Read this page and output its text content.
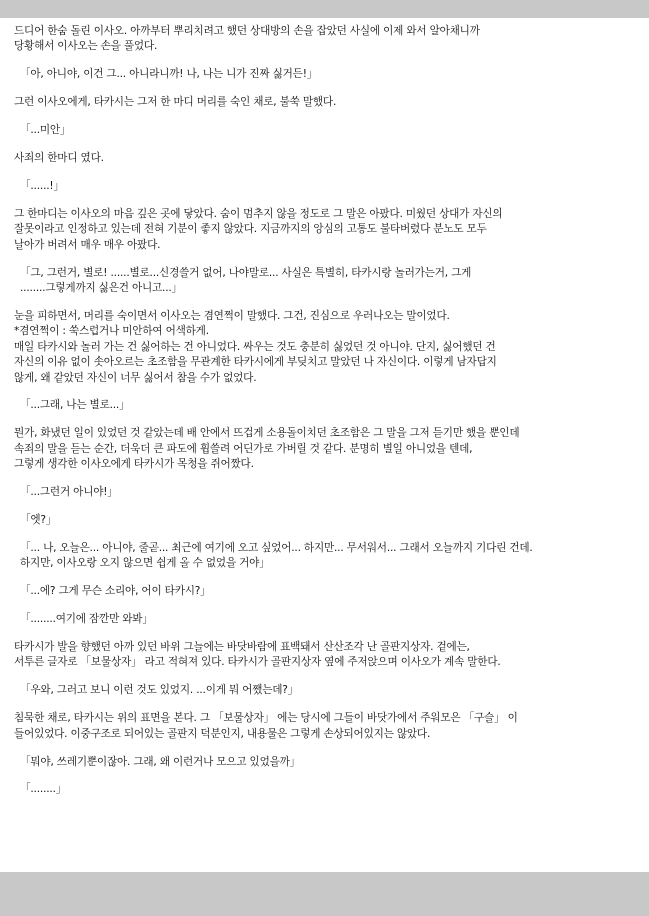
드디어 한숨 돌린 이사오. 아까부터 뿌리치려고 했던 상대방의 손을 잡았던 사실에 이제 와서 알아채니까
당황해서 이사오는 손을 풀었다.

「아, 아니야, 이건 그... 아니라니까! 나, 나는 니가 진짜 싫거든!」

그런 이사오에게, 타카시는 그저 한 마디 머리를 숙인 채로, 불쑥 말했다.

「...미안」

사죄의 한마디 였다.

「......!」

그 한마디는 이사오의 마음 깊은 곳에 닿았다. 숨이 멈추지 않을 정도로 그 말은 아팠다. 미웠던 상대가 자신의
잘못이라고 인정하고 있는데 전혀 기분이 좋지 않았다. 지금까지의 앙심의 고통도 불타버렸다 분노도 모두
날아가 버려서 매우 매우 아팠다.

「그, 그런거, 별로! ......별로...신경쓸거 없어, 나야말로... 사실은 특별히, 타카시랑 놀러가는거, 그게
........그렇게까지 싫은건 아니고...」

눈을 피하면서, 머리를 숙이면서 이사오는 겸연쩍이 말했다. 그건, 진심으로 우러나오는 말이었다.
*겸연쩍이 : 쑥스럽거나 미안하여 어색하게.
매일 타카시와 놀러 가는 건 싫어하는 건 아니었다. 싸우는 것도 충분히 싫었던 것 아니야. 단지, 싫어했던 건
자신의 이유 없이 솟아오르는 초조함을 무관계한 타카시에게 부딪치고 말았던 나 자신이다. 이렇게 남자답지
않게, 왜 같았던 자신이 너무 싫어서 참을 수가 없었다.

「...그래, 나는 별로...」

뭔가, 화냈던 일이 있었던 것 같았는데 배 안에서 뜨겁게 소용돌이치던 초조함은 그 말을 그저 듣기만 했을 뿐인데
속죄의 말을 듣는 순간, 더욱더 큰 파도에 휩쓸려 어딘가로 가버릴 것 같다. 분명히 별일 아니었을 텐데,
그렇게 생각한 이사오에게 타카시가 목청을 쥐어짰다.

「...그런거 아니야!」

「엣?」

「... 나, 오늘은... 아니야, 줄곧... 최근에 여기에 오고 싶었어... 하지만... 무서워서... 그래서 오늘까지 기다린 건데.
하지만, 이사오랑 오지 않으면 쉽게 올 수 없었을 거야」

「...에? 그게 무슨 소리야, 어이 타카시?」

「........여기에 잠깐만 와봐」

타카시가 발을 향했던 아까 있던 바위 그늘에는 바닷바람에 표백돼서 산산조각 난 골판지상자. 겉에는,
서투른 글자로 「보물상자」 라고 적혀져 있다. 타카시가 골판지상자 옆에 주저앉으며 이사오가 계속 말한다.

「우와, 그러고 보니 이런 것도 있었지. ...이게 뭐 어쨌는데?」

침묵한 채로, 타카시는 위의 표면을 본다. 그 「보물상자」 에는 당시에 그들이 바닷가에서 주워모은 「구슬」 이
들어있었다. 이중구조로 되어있는 골판지 덕분인지, 내용물은 그렇게 손상되어있지는 않았다.

「뭐야, 쓰레기뿐이잖아. 그래, 왜 이런거나 모으고 있었을까」

「........」
